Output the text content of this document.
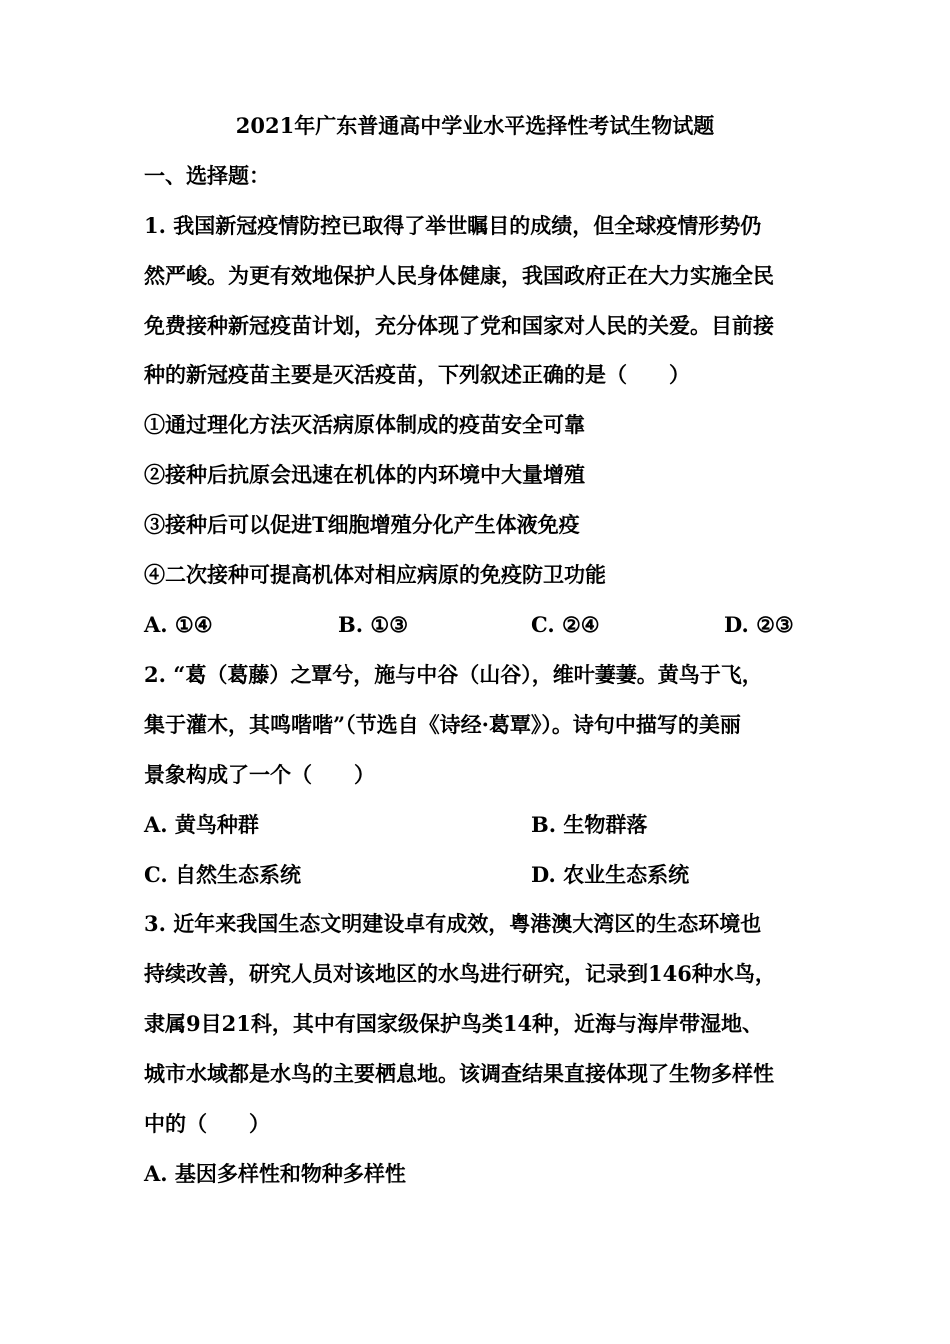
2021年广东普通高中学业水平选择性考试生物试题
一、选择题：
1. 我国新冠疫情防控已取得了举世瞩目的成绩，但全球疫情形势仍
然严峻。为更有效地保护人民身体健康，我国政府正在大力实施全民
免费接种新冠疫苗计划，充分体现了党和国家对人民的关爱。目前接
种的新冠疫苗主要是灭活疫苗，下列叙述正确的是（　　）
①通过理化方法灭活病原体制成的疫苗安全可靠
②接种后抗原会迅速在机体的内环境中大量增殖
③接种后可以促进T细胞增殖分化产生体液免疫
④二次接种可提高机体对相应病原的免疫防卫功能
A. ①④	B. ①③	C. ②④	D. ②③
2. “葛（葛藤）之覃兮，施与中谷（山谷），维叶萋萋。黄鸟于飞，
集于灌木，其鸣喈喈”（节选自《诗经·葛覃》）。诗句中描写的美丽
景象构成了一个（　　）
A. 黄鸟种群	B. 生物群落
C. 自然生态系统	D. 农业生态系统
3. 近年来我国生态文明建设卓有成效，粤港澳大湾区的生态环境也
持续改善，研究人员对该地区的水鸟进行研究，记录到146种水鸟，
隶属9目21科，其中有国家级保护鸟类14种，近海与海岸带湿地、
城市水域都是水鸟的主要栖息地。该调查结果直接体现了生物多样性
中的（　　）
A. 基因多样性和物种多样性
